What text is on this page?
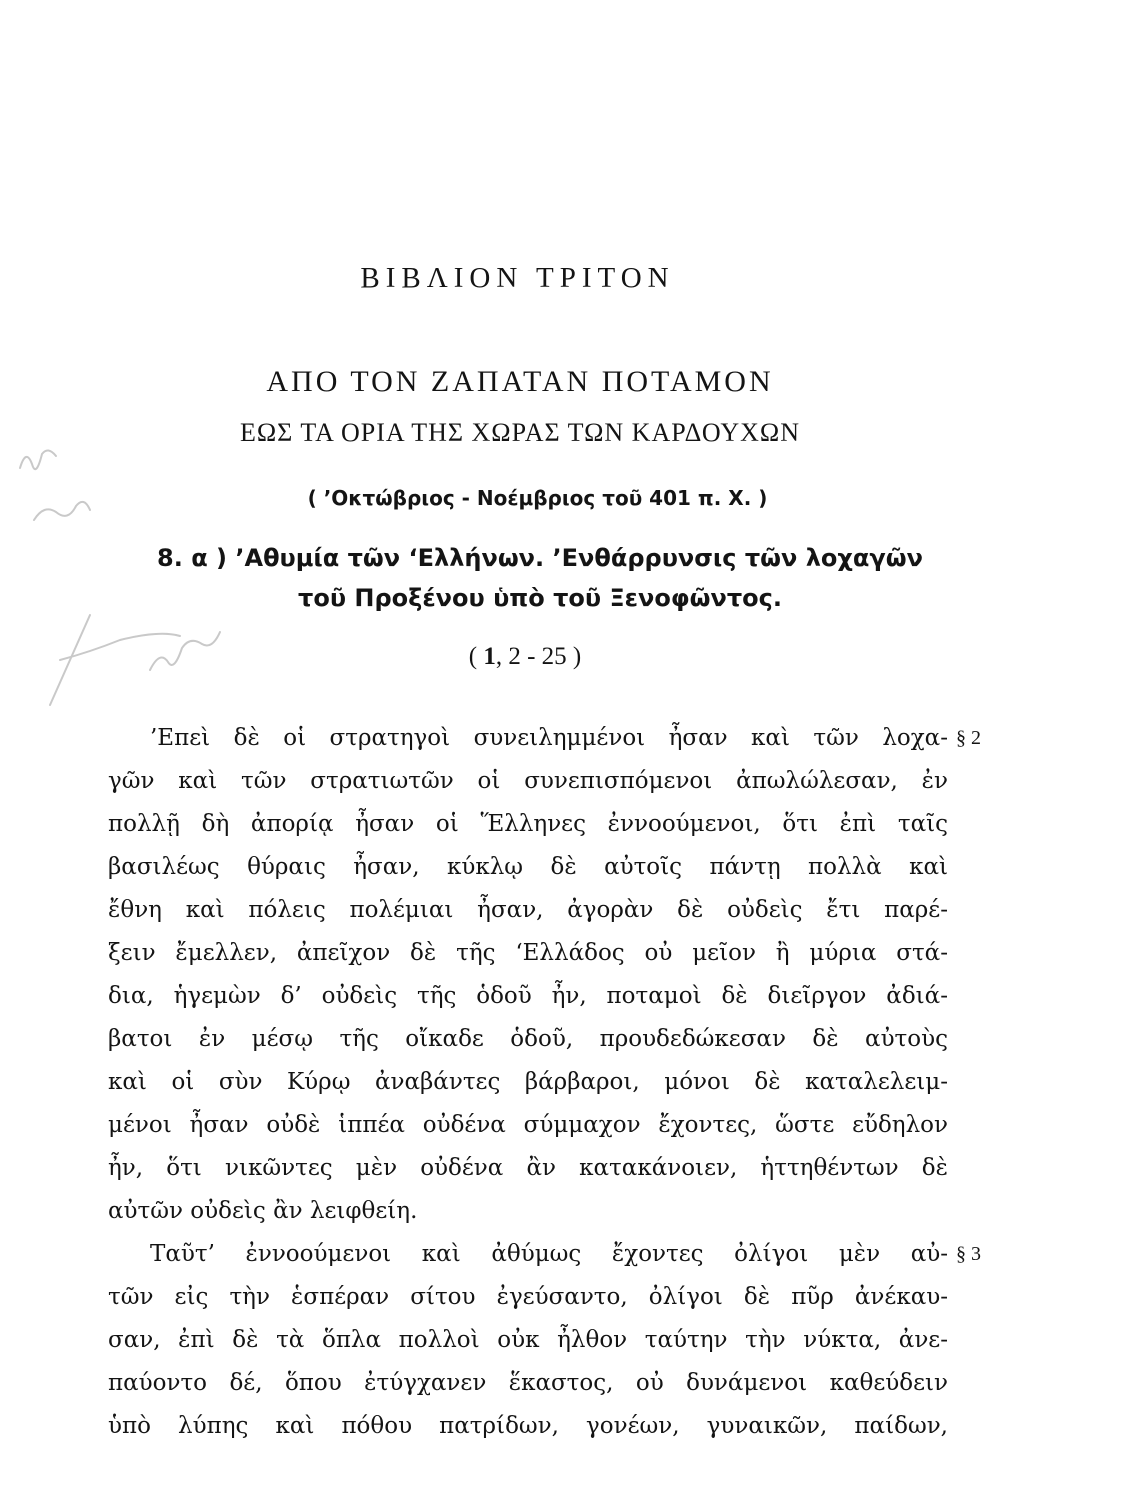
ΒΙΒΛΙΟΝ ΤΡΙΤΟΝ
ΑΠΟ ΤΟΝ ΖΑΠΑΤΑΝ ΠΟΤΑΜΟΝ
ΕΩΣ ΤΑ ΟΡΙΑ ΤΗΣ ΧΩΡΑΣ ΤΩΝ ΚΑΡΔΟΥΧΩΝ
( ’Οκτώβριος - Νοέμβριος τοῦ 401 π. Χ. )
8. α ) ’Αθυμία τῶν ‘Ελλήνων. ’Ενθάρρυνσις τῶν λοχαγῶν
τοῦ Προξένου ὑπὸ τοῦ Ξενοφῶντος.
( 1, 2 - 25 )
§ 2
’Επεὶ δὲ οἱ στρατηγοὶ συνειλημμένοι ἦσαν καὶ τῶν λοχα-
γῶν καὶ τῶν στρατιωτῶν οἱ συνεπισπόμενοι ἀπωλώλεσαν, ἐν
πολλῇ δὴ ἀπορίᾳ ἦσαν οἱ Ἕλληνες ἐννοούμενοι, ὅτι ἐπὶ ταῖς
βασιλέως θύραις ἦσαν, κύκλῳ δὲ αὐτοῖς πάντῃ πολλὰ καὶ
ἔθνη καὶ πόλεις πολέμιαι ἦσαν, ἀγορὰν δὲ οὐδεὶς ἔτι παρέ-
ξειν ἔμελλεν, ἀπεῖχον δὲ τῆς ‘Ελλάδος οὐ μεῖον ἢ μύρια στά-
δια, ἡγεμὼν δ’ οὐδεὶς τῆς ὁδοῦ ἦν, ποταμοὶ δὲ διεῖργον ἀδιά-
βατοι ἐν μέσῳ τῆς οἴκαδε ὁδοῦ, προυδεδώκεσαν δὲ αὐτοὺς
καὶ οἱ σὺν Κύρῳ ἀναβάντες βάρβαροι, μόνοι δὲ καταλελειμ-
μένοι ἦσαν οὐδὲ ἱππέα οὐδένα σύμμαχον ἔχοντες, ὥστε εὔδηλον
ἦν, ὅτι νικῶντες μὲν οὐδένα ἂν κατακάνοιεν, ἡττηθέντων δὲ
αὐτῶν οὐδεὶς ἂν λειφθείη.
§ 3
Ταῦτ’ ἐννοούμενοι καὶ ἀθύμως ἔχοντες ὀλίγοι μὲν αὐ-
τῶν εἰς τὴν ἑσπέραν σίτου ἐγεύσαντο, ὀλίγοι δὲ πῦρ ἀνέκαυ-
σαν, ἐπὶ δὲ τὰ ὅπλα πολλοὶ οὐκ ἦλθον ταύτην τὴν νύκτα, ἀνε-
παύοντο δέ, ὅπου ἐτύγχανεν ἕκαστος, οὐ δυνάμενοι καθεύδειν
ὑπὸ λύπης καὶ πόθου πατρίδων, γονέων, γυναικῶν, παίδων,
